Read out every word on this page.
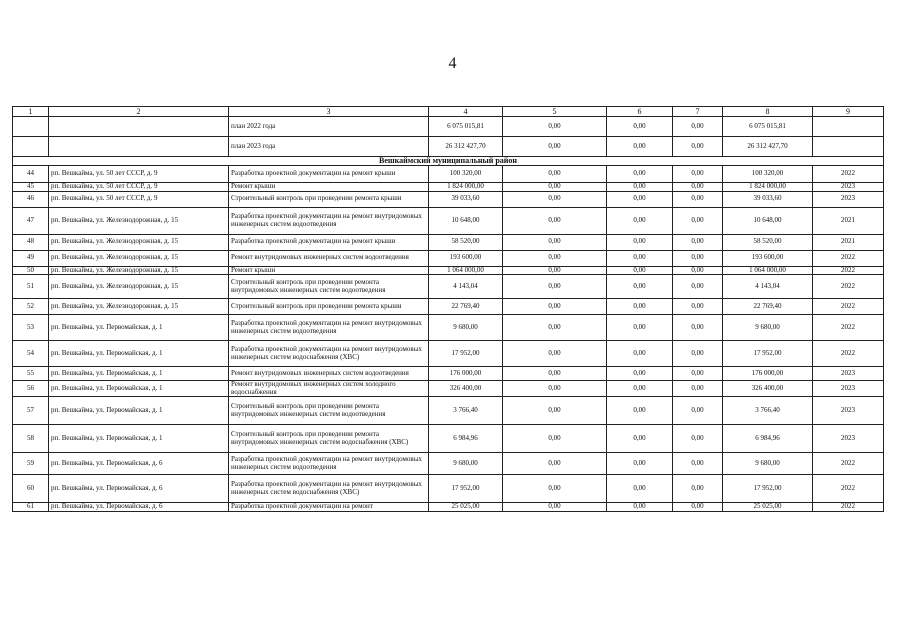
4
1	2	3	4	5	6	7	8	9
		план 2022 года	6 075 015,81	0,00	0,00	0,00	6 075 015,81	
		план 2023 года	26 312 427,70	0,00	0,00	0,00	26 312 427,70	
Вешкаймский муниципальный район								
44	рп. Вешкайма, ул. 50 лет СССР, д. 9	Разработка проектной документации на ремонт крыши	100 320,00	0,00	0,00	0,00	100 320,00	2022
45	рп. Вешкайма, ул. 50 лет СССР, д. 9	Ремонт крыши	1 824 000,00	0,00	0,00	0,00	1 824 000,00	2023
46	рп. Вешкайма, ул. 50 лет СССР, д. 9	Строительный контроль при проведении ремонта крыши	39 033,60	0,00	0,00	0,00	39 033,60	2023
47	рп. Вешкайма, ул. Железнодорожная, д. 15	Разработка проектной документации на ремонт внутридомовых инженерных систем водоотведения	10 648,00	0,00	0,00	0,00	10 648,00	2021
48	рп. Вешкайма, ул. Железнодорожная, д. 15	Разработка проектной документации на ремонт крыши	58 520,00	0,00	0,00	0,00	58 520,00	2021
49	рп. Вешкайма, ул. Железнодорожная, д. 15	Ремонт внутридомовых инженерных систем водоотведения	193 600,00	0,00	0,00	0,00	193 600,00	2022
50	рп. Вешкайма, ул. Железнодорожная, д. 15	Ремонт крыши	1 064 000,00	0,00	0,00	0,00	1 064 000,00	2022
51	рп. Вешкайма, ул. Железнодорожная, д. 15	Строительный контроль при проведении ремонта внутридомовых инженерных систем водоотведения	4 143,04	0,00	0,00	0,00	4 143,04	2022
52	рп. Вешкайма, ул. Железнодорожная, д. 15	Строительный контроль при проведении ремонта крыши	22 769,40	0,00	0,00	0,00	22 769,40	2022
53	рп. Вешкайма, ул. Первомайская, д. 1	Разработка проектной документации на ремонт внутридомовых инженерных систем водоотведения	9 680,00	0,00	0,00	0,00	9 680,00	2022
54	рп. Вешкайма, ул. Первомайская, д. 1	Разработка проектной документации на ремонт внутридомовых инженерных систем водоснабжения (ХВС)	17 952,00	0,00	0,00	0,00	17 952,00	2022
55	рп. Вешкайма, ул. Первомайская, д. 1	Ремонт внутридомовых инженерных систем водоотведения	176 000,00	0,00	0,00	0,00	176 000,00	2023
56	рп. Вешкайма, ул. Первомайская, д. 1	Ремонт внутридомовых инженерных систем холодного водоснабжения	326 400,00	0,00	0,00	0,00	326 400,00	2023
57	рп. Вешкайма, ул. Первомайская, д. 1	Строительный контроль при проведении ремонта внутридомовых инженерных систем водоотведения	3 766,40	0,00	0,00	0,00	3 766,40	2023
58	рп. Вешкайма, ул. Первомайская, д. 1	Строительный контроль при проведении ремонта внутридомовых инженерных систем водоснабжения (ХВС)	6 984,96	0,00	0,00	0,00	6 984,96	2023
59	рп. Вешкайма, ул. Первомайская, д. 6	Разработка проектной документации на ремонт внутридомовых инженерных систем водоотведения	9 680,00	0,00	0,00	0,00	9 680,00	2022
60	рп. Вешкайма, ул. Первомайская, д. 6	Разработка проектной документации на ремонт внутридомовых инженерных систем водоснабжения (ХВС)	17 952,00	0,00	0,00	0,00	17 952,00	2022
61	рп. Вешкайма, ул. Первомайская, д. 6	Разработка проектной документации на ремонт	25 025,00	0,00	0,00	0,00	25 025,00	2022
